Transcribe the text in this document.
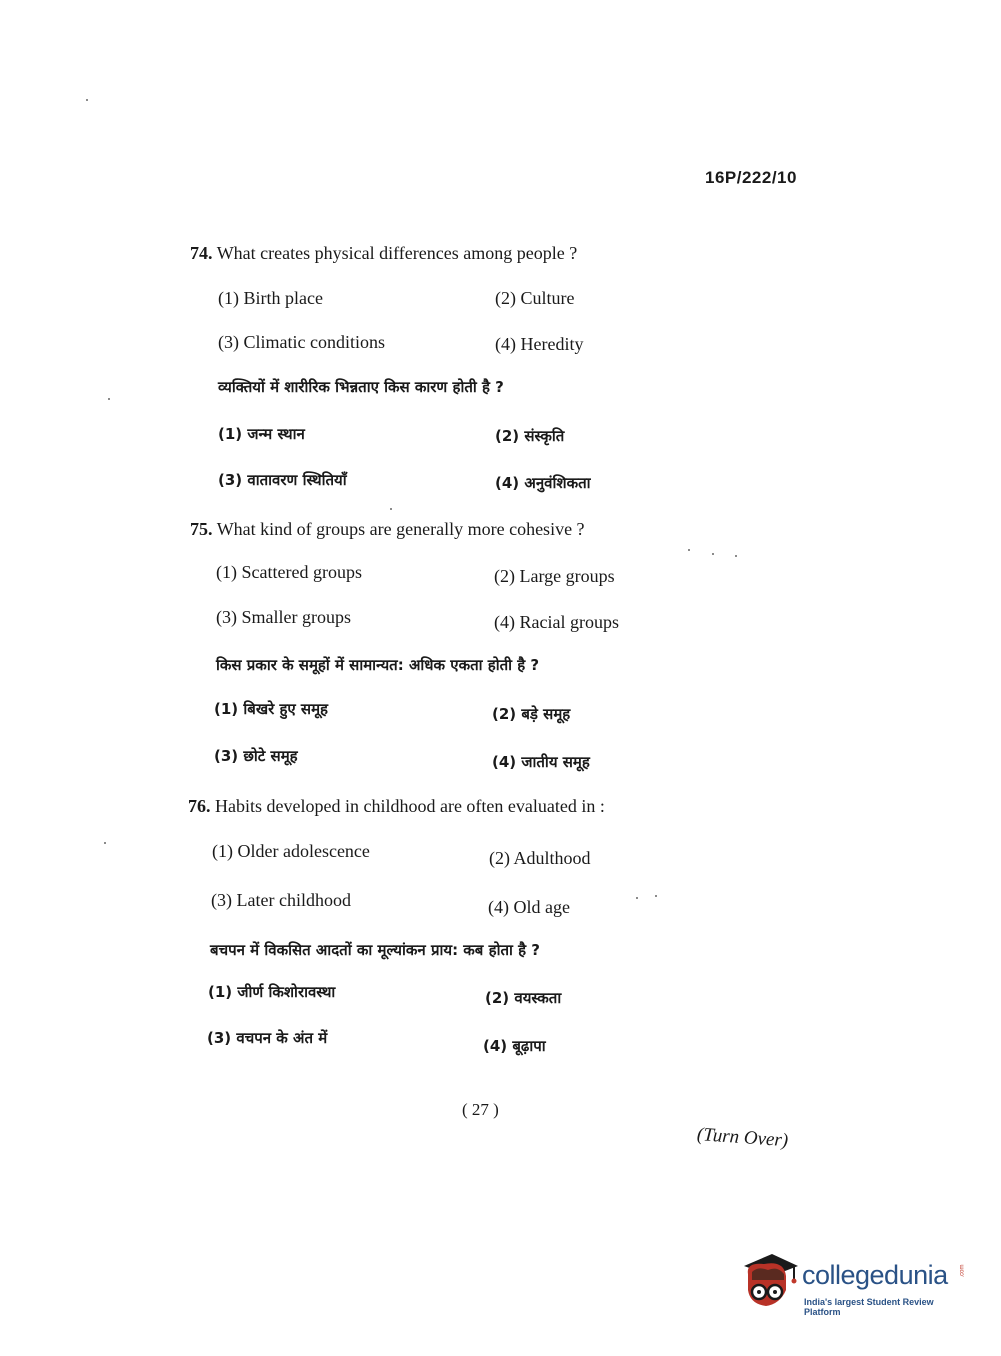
16P/222/10
74. What creates physical differences among people ?
(1) Birth place	(2) Culture
(3) Climatic conditions	(4) Heredity
व्यक्तियों में शारीरिक भिन्नताए किस कारण होती है ?
(1) जन्म स्थान	(2) संस्कृति
(3) वातावरण स्थितियाँ	(4) अनुवंशिकता
75. What kind of groups are generally more cohesive ?
(1) Scattered groups	(2) Large groups
(3) Smaller groups	(4) Racial groups
किस प्रकार के समूहों में सामान्यत: अधिक एकता होती है ?
(1) बिखरे हुए समूह	(2) बड़े समूह
(3) छोटे समूह	(4) जातीय समूह
76. Habits developed in childhood are often evaluated in :
(1) Older adolescence	(2) Adulthood
(3) Later childhood	(4) Old age
बचपन में विकसित आदतों का मूल्यांकन प्राय: कब होता है ?
(1) जीर्ण किशोरावस्था	(2) वयस्कता
(3) वचपन के अंत में	(4) बूढ़ापा
( 27 )
(Turn Over)
collegedunia .com
India's largest Student Review Platform
